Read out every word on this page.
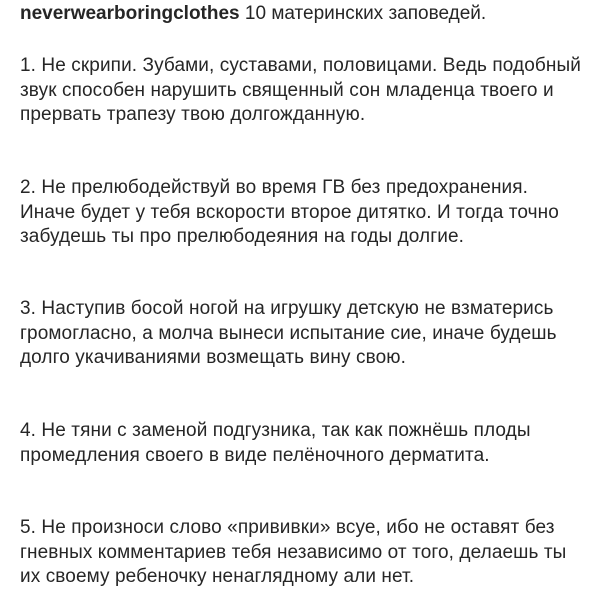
neverwearboringclothes 10 материнских заповедей.

1. Не скрипи. Зубами, суставами, половицами. Ведь подобный звук способен нарушить священный сон младенца твоего и прервать трапезу твою долгожданную.

2. Не прелюбодействуй во время ГВ без предохранения. Иначе будет у тебя вскорости второе дитятко. И тогда точно забудешь ты про прелюбодеяния на годы долгие.

3. Наступив босой ногой на игрушку детскую не взматерись громогласно, а молча вынеси испытание сие, иначе будешь долго укачиваниями возмещать вину свою.

4. Не тяни с заменой подгузника, так как пожнёшь плоды промедления своего в виде пелёночного дерматита.

5. Не произноси слово «прививки» всуе, ибо не оставят без гневных комментариев тебя независимо от того, делаешь ты их своему ребеночку ненаглядному али нет.
